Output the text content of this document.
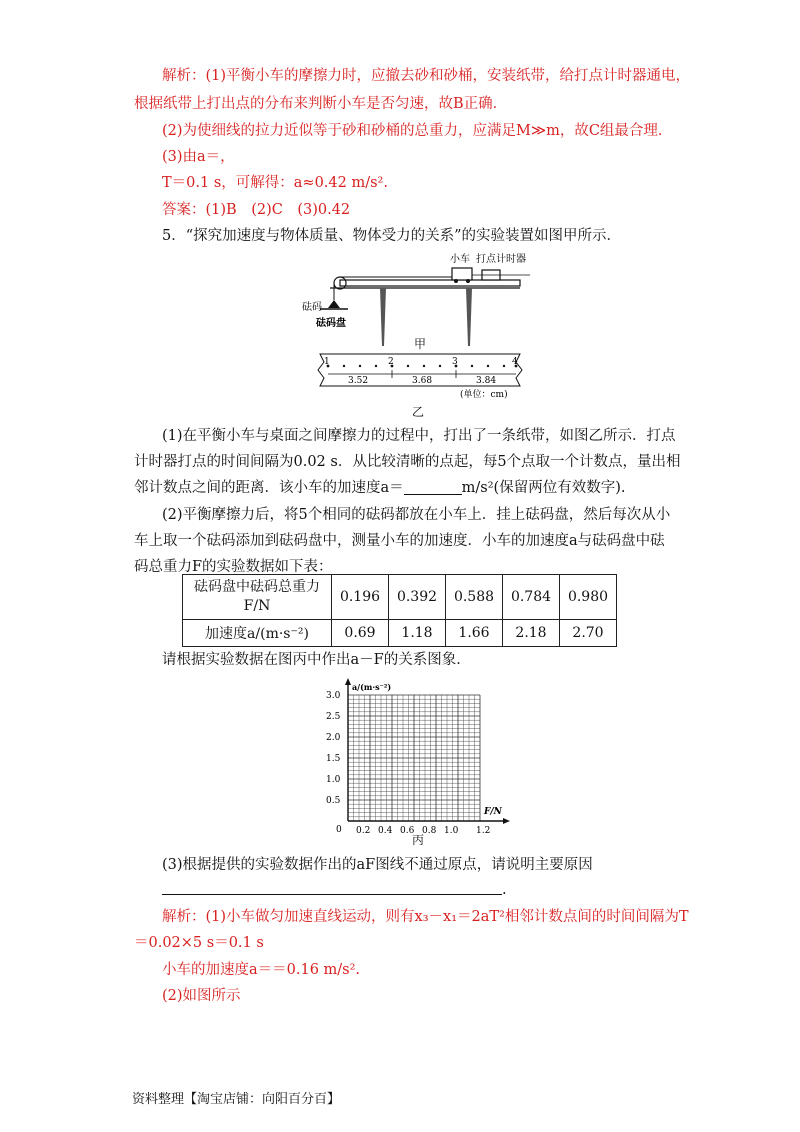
解析：(1)平衡小车的摩擦力时，应撤去砂和砂桶，安装纸带，给打点计时器通电，
根据纸带上打出点的分布来判断小车是否匀速，故B正确．
(2)为使细线的拉力近似等于砂和砂桶的总重力，应满足M≫m，故C组最合理．
(3)由a＝，
T＝0.1 s，可解得：a≈0.42 m/s².
答案：(1)B　(2)C　(3)0.42
5．“探究加速度与物体质量、物体受力的关系”的实验装置如图甲所示．
小车 打点计时器
砝码
砝码盘
甲
1	2	3	4
3.52	3.68	3.84
(单位：cm)
乙
(1)在平衡小车与桌面之间摩擦力的过程中，打出了一条纸带，如图乙所示．打点
计时器打点的时间间隔为0.02 s．从比较清晰的点起，每5个点取一个计数点，量出相
邻计数点之间的距离．该小车的加速度a＝	m/s²(保留两位有效数字).
(2)平衡摩擦力后，将5个相同的砝码都放在小车上．挂上砝码盘，然后每次从小
车上取一个砝码添加到砝码盘中，测量小车的加速度．小车的加速度a与砝码盘中砝
码总重力F的实验数据如下表：
砝码盘中砝码总重力
F/N	0.196	0.392	0.588	0.784	0.980
加速度a/(m·s⁻²)	0.69	1.18	1.66	2.18	2.70
请根据实验数据在图丙中作出a－F的关系图象．
a/(m·s⁻²)
F/N
0
0.5
1.0
1.5
2.0
2.5
3.0
0.2 0.4 0.6 0.8 1.0 1.2
丙
(3)根据提供的实验数据作出的aF图线不通过原点，请说明主要原因
.
解析：(1)小车做匀加速直线运动，则有x₃－x₁＝2aT²相邻计数点间的时间间隔为T
＝0.02×5 s＝0.1 s
小车的加速度a＝＝0.16 m/s².
(2)如图所示
资料整理【淘宝店铺：向阳百分百】
